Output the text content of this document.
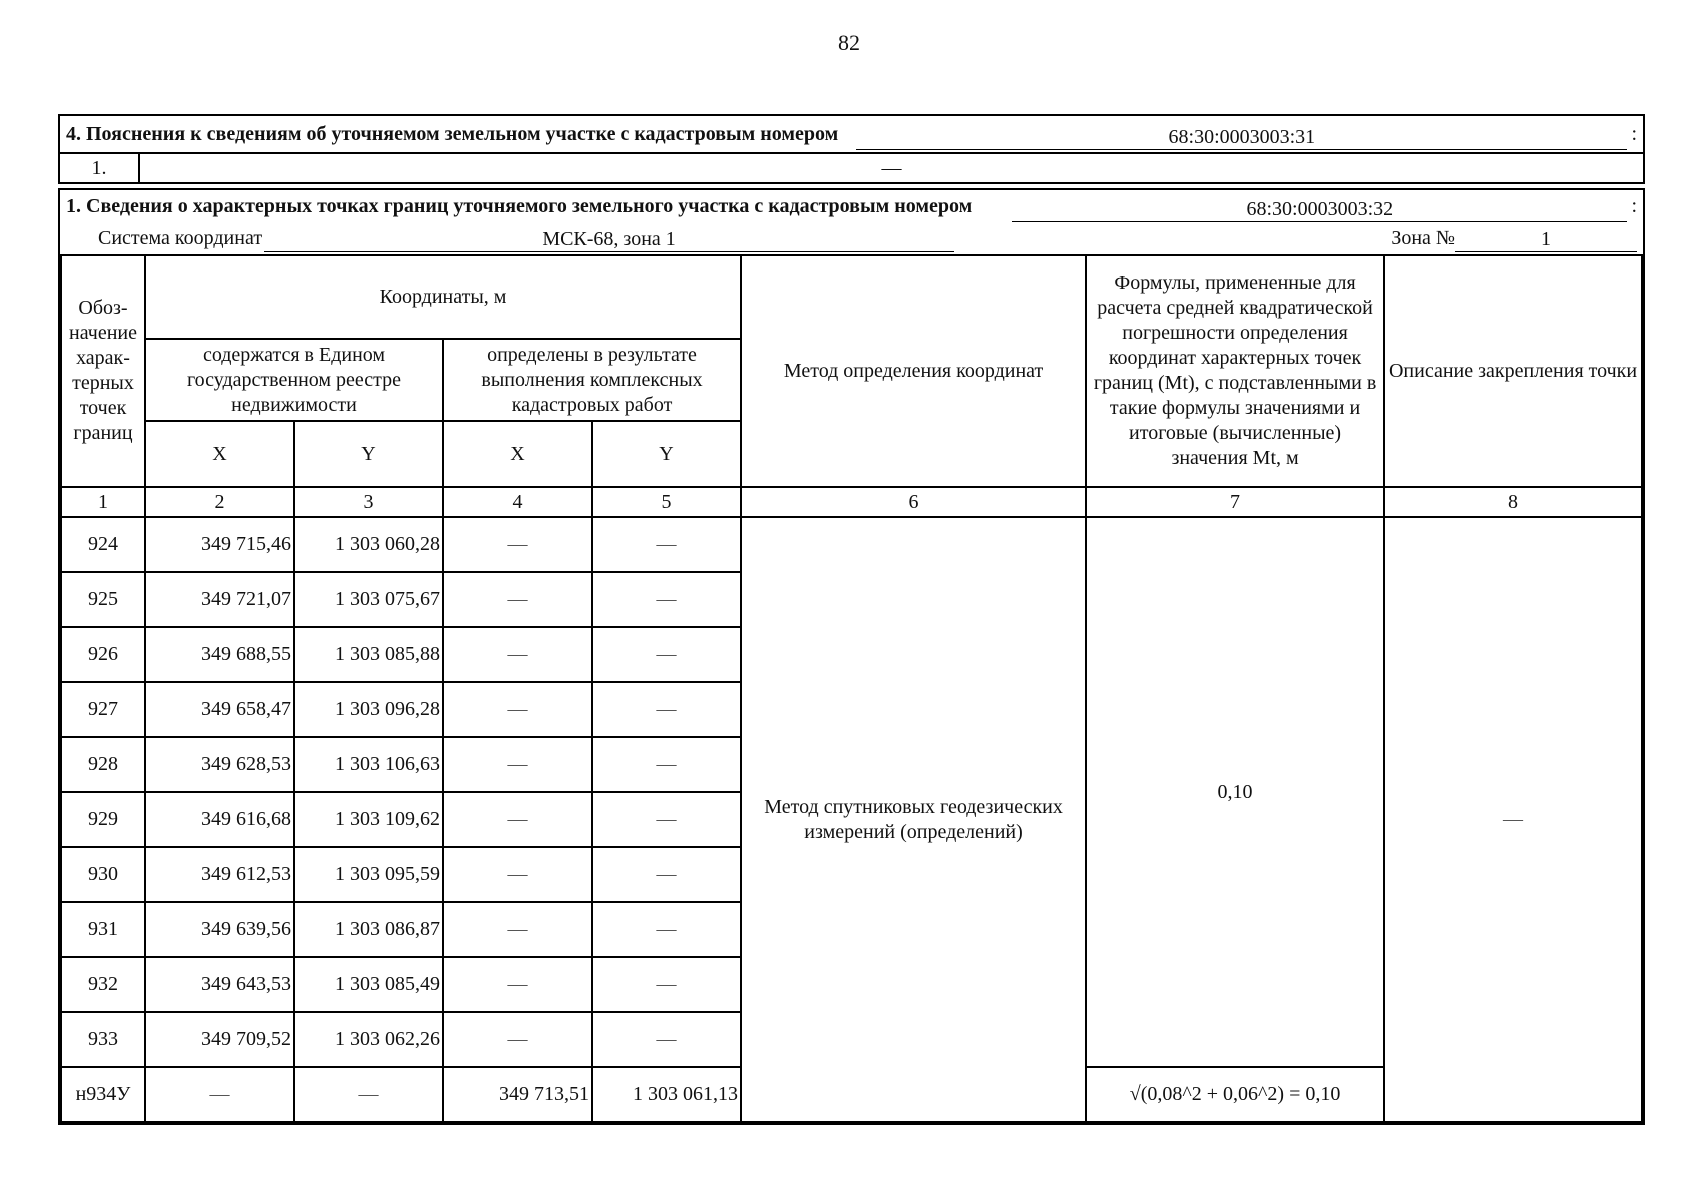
82
4. Пояснения к сведениям об уточняемом земельном участке с кадастровым номером	68:30:0003003:31	:
1.	—
1. Сведения о характерных точках границ уточняемого земельного участка с кадастровым номером	68:30:0003003:32	:
Система координат	МСК-68, зона 1	Зона №	1
Обоз- начение харак- терных точек границ	Координаты, м				Метод определения координат	Формулы, примененные для расчета средней квадратической погрешности определения координат характерных точек границ (Mt), с подставленными в такие формулы значениями и итоговые (вычисленные) значения Mt, м	Описание закрепления точки
	содержатся в Едином государственном реестре недвижимости		определены в результате выполнения комплексных кадастровых работ				
	X	Y	X	Y			
1	2	3	4	5	6	7	8
924	349 715,46	1 303 060,28	—	—	Метод спутниковых геодезических измерений (определений)	0,10	—
925	349 721,07	1 303 075,67	—	—			
926	349 688,55	1 303 085,88	—	—			
927	349 658,47	1 303 096,28	—	—			
928	349 628,53	1 303 106,63	—	—			
929	349 616,68	1 303 109,62	—	—			
930	349 612,53	1 303 095,59	—	—			
931	349 639,56	1 303 086,87	—	—			
932	349 643,53	1 303 085,49	—	—			
933	349 709,52	1 303 062,26	—	—			
н934У	—	—	349 713,51	1 303 061,13		√(0,08^2 + 0,06^2) = 0,10	
